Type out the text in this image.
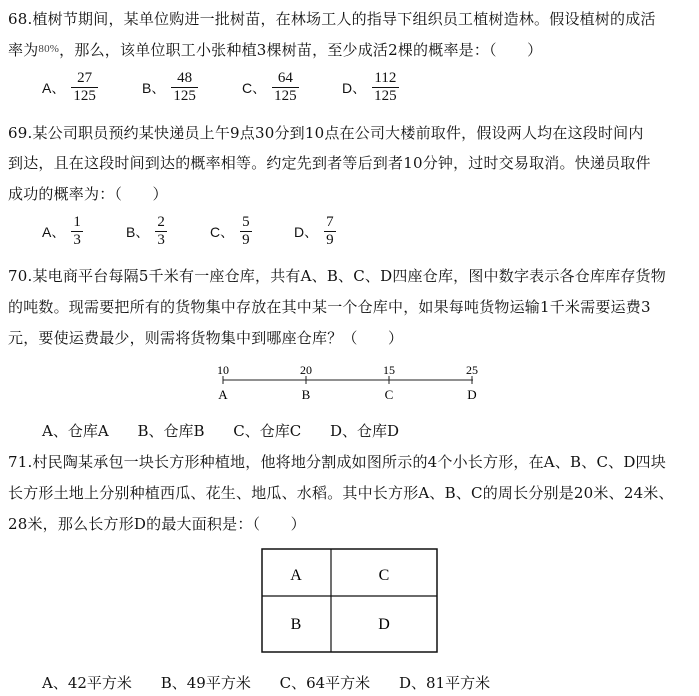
68.植树节期间，某单位购进一批树苗，在林场工人的指导下组织员工植树造林。假设植树的成活
率为$^{80\%}$，那么，该单位职工小张种植3棵树苗，至少成活2棵的概率是：（　　）
A、 $\frac{27}{125}$	B、 $\frac{48}{125}$	C、 $\frac{64}{125}$	D、 $\frac{112}{125}$
69.某公司职员预约某快递员上午9点30分到10点在公司大楼前取件，假设两人均在这段时间内
到达，且在这段时间到达的概率相等。约定先到者等后到者10分钟，过时交易取消。快递员取件
成功的概率为：（　　）
A、 $\frac{1}{3}$	B、 $\frac{2}{3}$	C、 $\frac{5}{9}$	D、 $\frac{7}{9}$
70.某电商平台每隔5千米有一座仓库，共有A、B、C、D四座仓库，图中数字表示各仓库库存货物
的吨数。现需要把所有的货物集中存放在其中某一个仓库中，如果每吨货物运输1千米需要运费3
元，要使运费最少，则需将货物集中到哪座仓库？（　　）
10
A
20
B
15
C
25
D
A	C
B	D
A、仓库A B、仓库B C、仓库C D、仓库D
71.村民陶某承包一块长方形种植地，他将地分割成如图所示的4个小长方形，在A、B、C、D四块
长方形土地上分别种植西瓜、花生、地瓜、水稻。其中长方形A、B、C的周长分别是20米、24米、
28米，那么长方形D的最大面积是：（　　）
A、42平方米 B、49平方米 C、64平方米 D、81平方米
